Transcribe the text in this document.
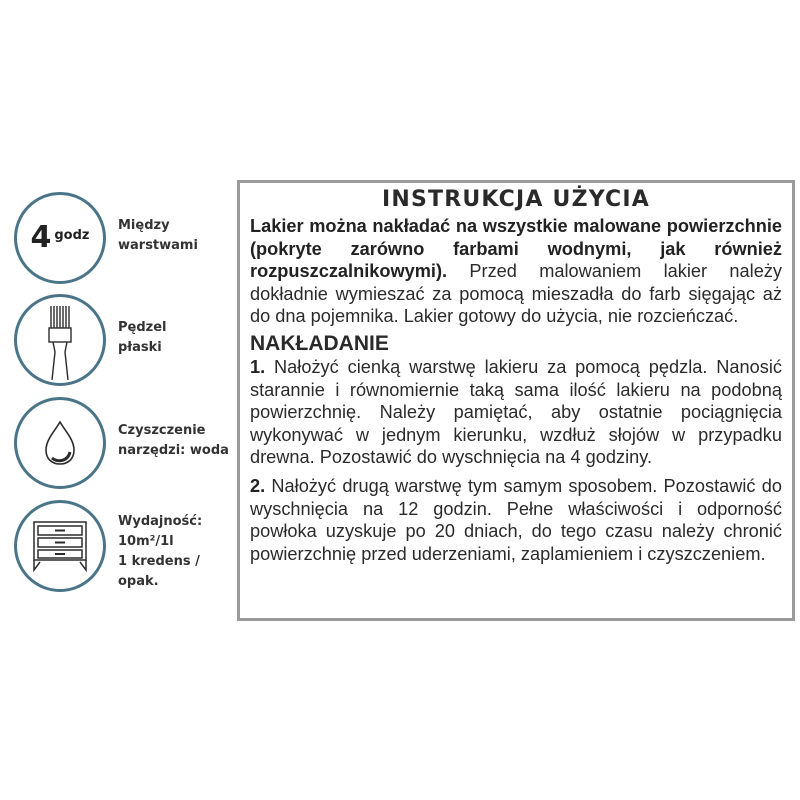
4 godz
Między
warstwami
Pędzel
płaski
Czyszczenie
narzędzi: woda
Wydajność:
10m²/1l
1 kredens /
opak.
INSTRUKCJA UŻYCIA

Lakier można nakładać na wszystkie malowane powierzchnie (pokryte zarówno farbami wodnymi, jak również rozpuszczalnikowymi). Przed malowaniem lakier należy dokładnie wymieszać za pomocą mieszadła do farb sięgając aż do dna pojemnika. Lakier gotowy do użycia, nie rozcieńczać.

NAKŁADANIE

1. Nałożyć cienką warstwę lakieru za pomocą pędzla. Nanosić starannie i równomiernie taką sama ilość lakieru na podobną powierzchnię. Należy pamiętać, aby ostatnie pociągnięcia wykonywać w jednym kierunku, wzdłuż słojów w przypadku drewna. Pozostawić do wyschnięcia na 4 godziny.

2. Nałożyć drugą warstwę tym samym sposobem. Pozostawić do wyschnięcia na 12 godzin. Pełne właściwości i odporność powłoka uzyskuje po 20 dniach, do tego czasu należy chronić powierzchnię przed uderzeniami, zaplamieniem i czyszczeniem.
